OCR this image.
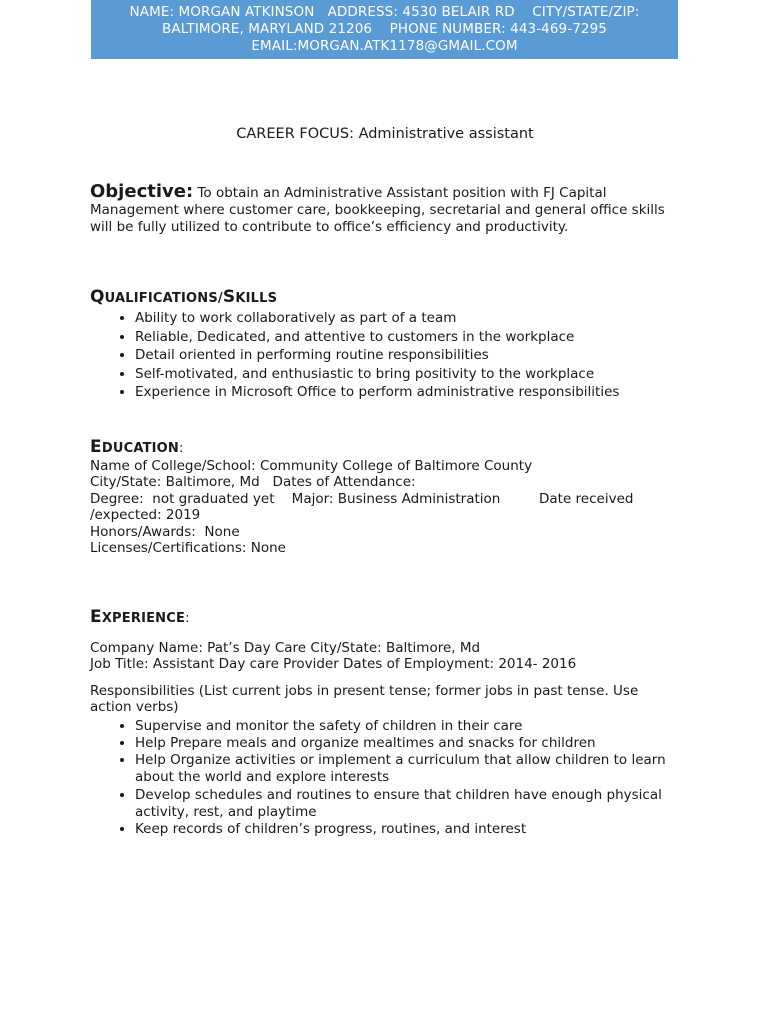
NAME: MORGAN ATKINSON   ADDRESS: 4530 BELAIR RD    CITY/STATE/ZIP:
BALTIMORE, MARYLAND 21206    PHONE NUMBER: 443-469-7295
EMAIL:MORGAN.ATK1178@GMAIL.COM
CAREER FOCUS: Administrative assistant
Objective: To obtain an Administrative Assistant position with FJ Capital Management where customer care, bookkeeping, secretarial and general office skills will be fully utilized to contribute to office’s efficiency and productivity.
QUALIFICATIONS/SKILLS
• Ability to work collaboratively as part of a team
• Reliable, Dedicated, and attentive to customers in the workplace
• Detail oriented in performing routine responsibilities
• Self-motivated, and enthusiastic to bring positivity to the workplace
• Experience in Microsoft Office to perform administrative responsibilities
EDUCATION:
Name of College/School: Community College of Baltimore County
City/State: Baltimore, Md   Dates of Attendance:
Degree:  not graduated yet    Major: Business Administration         Date received
/expected: 2019
Honors/Awards:  None
Licenses/Certifications: None
EXPERIENCE:
Company Name: Pat’s Day Care City/State: Baltimore, Md
Job Title: Assistant Day care Provider Dates of Employment: 2014- 2016
Responsibilities (List current jobs in present tense; former jobs in past tense. Use action verbs)
• Supervise and monitor the safety of children in their care
• Help Prepare meals and organize mealtimes and snacks for children
• Help Organize activities or implement a curriculum that allow children to learn about the world and explore interests
• Develop schedules and routines to ensure that children have enough physical activity, rest, and playtime
• Keep records of children’s progress, routines, and interest
